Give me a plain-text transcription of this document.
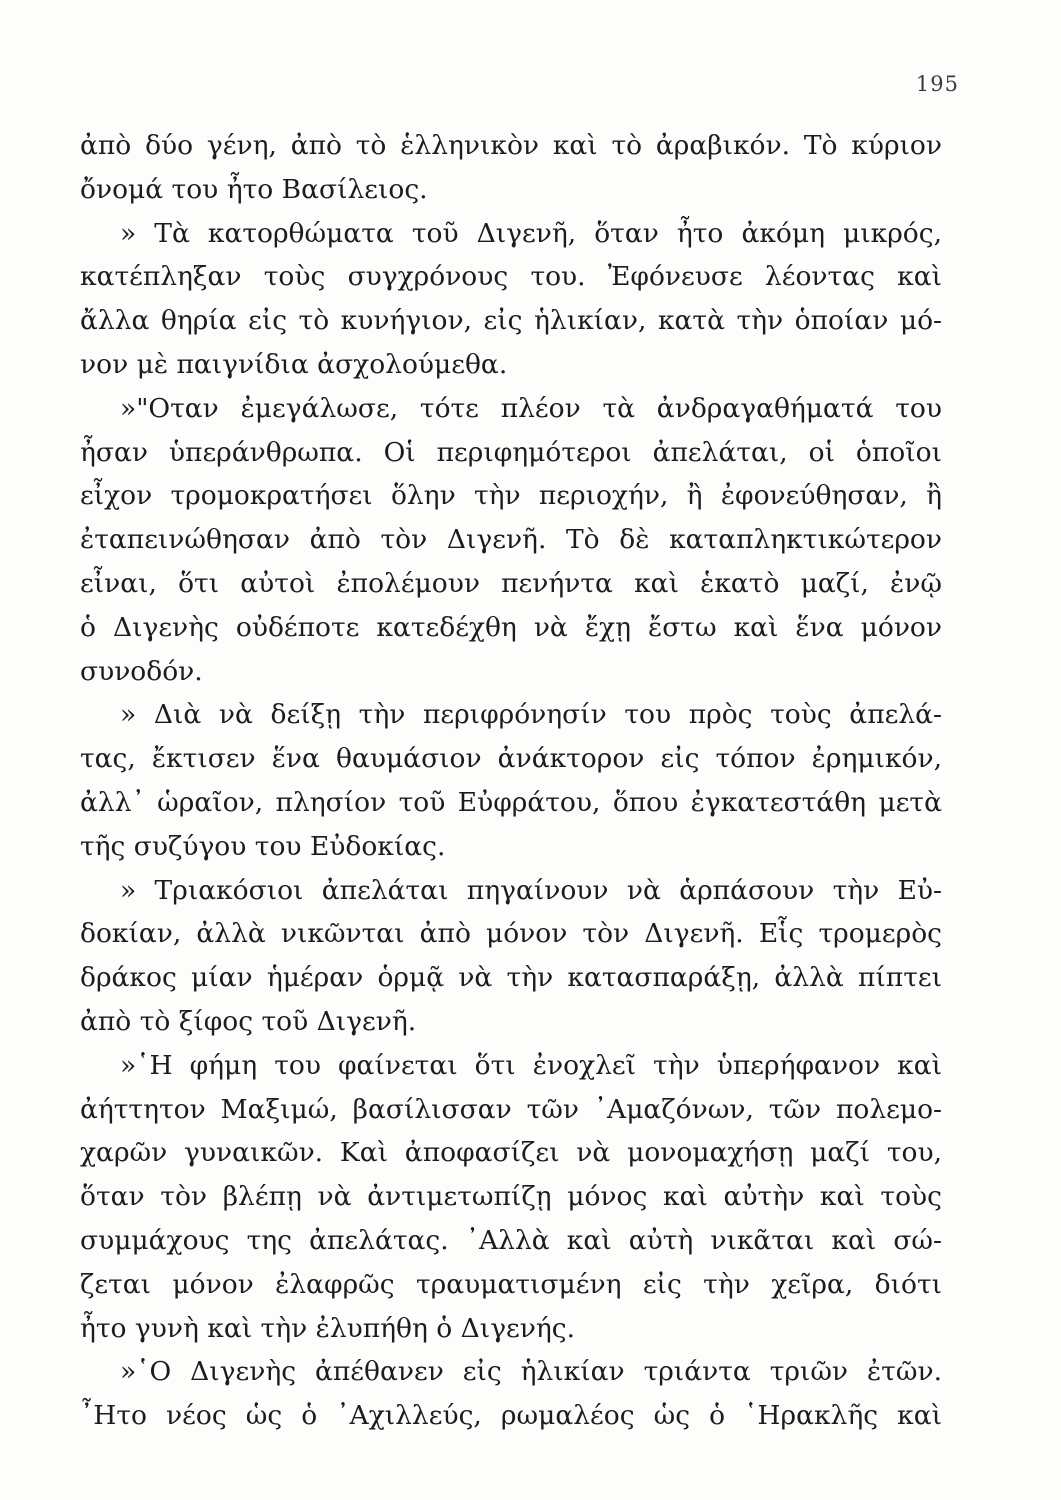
195
ἀπὸ δύο γένη, ἀπὸ τὸ ἑλληνικὸν καὶ τὸ ἀραβικόν. Τὸ κύριον
ὄνομά του ἦτο Βασίλειος.
» Τὰ κατορθώματα τοῦ Διγενῆ, ὅταν ἦτο ἀκόμη μικρός,
κατέπληξαν τοὺς συγχρόνους του. Ἐφόνευσε λέοντας καὶ
ἄλλα θηρία εἰς τὸ κυνήγιον, εἰς ἡλικίαν, κατὰ τὴν ὁποίαν μό-
νον μὲ παιγνίδια ἀσχολούμεθα.
»"Οταν ἐμεγάλωσε, τότε πλέον τὰ ἀνδραγαθήματά του
ἦσαν ὑπεράνθρωπα. Οἱ περιφημότεροι ἀπελάται, οἱ ὁποῖοι
εἶχον τρομοκρατήσει ὅλην τὴν περιοχήν, ἢ ἐφονεύθησαν, ἢ
ἐταπεινώθησαν ἀπὸ τὸν Διγενῆ. Τὸ δὲ καταπληκτικώτερον
εἶναι, ὅτι αὐτοὶ ἐπολέμουν πενήντα καὶ ἑκατὸ μαζί, ἐνῷ
ὁ Διγενὴς οὐδέποτε κατεδέχθη νὰ ἔχῃ ἔστω καὶ ἕνα μόνον
συνοδόν.
» Διὰ νὰ δείξῃ τὴν περιφρόνησίν του πρὸς τοὺς ἀπελά-
τας, ἔκτισεν ἕνα θαυμάσιον ἀνάκτορον εἰς τόπον ἐρημικόν,
ἀλλ᾽ ὡραῖον, πλησίον τοῦ Εὐφράτου, ὅπου ἐγκατεστάθη μετὰ
τῆς συζύγου του Εὐδοκίας.
» Τριακόσιοι ἀπελάται πηγαίνουν νὰ ἁρπάσουν τὴν Εὐ-
δοκίαν, ἀλλὰ νικῶνται ἀπὸ μόνον τὸν Διγενῆ. Εἷς τρομερὸς
δράκος μίαν ἡμέραν ὁρμᾷ νὰ τὴν κατασπαράξῃ, ἀλλὰ πίπτει
ἀπὸ τὸ ξίφος τοῦ Διγενῆ.
»῾Η φήμη του φαίνεται ὅτι ἐνοχλεῖ τὴν ὑπερήφανον καὶ
ἀήττητον Μαξιμώ, βασίλισσαν τῶν ᾿Αμαζόνων, τῶν πολεμο-
χαρῶν γυναικῶν. Καὶ ἀποφασίζει νὰ μονομαχήσῃ μαζί του,
ὅταν τὸν βλέπῃ νὰ ἀντιμετωπίζῃ μόνος καὶ αὐτὴν καὶ τοὺς
συμμάχους της ἀπελάτας. ᾿Αλλὰ καὶ αὐτὴ νικᾶται καὶ σώ-
ζεται μόνον ἐλαφρῶς τραυματισμένη εἰς τὴν χεῖρα, διότι
ἦτο γυνὴ καὶ τὴν ἐλυπήθη ὁ Διγενής.
»῾Ο Διγενὴς ἀπέθανεν εἰς ἡλικίαν τριάντα τριῶν ἐτῶν.
῏Ητο νέος ὡς ὁ ᾿Αχιλλεύς, ρωμαλέος ὡς ὁ ῾Ηρακλῆς καὶ
